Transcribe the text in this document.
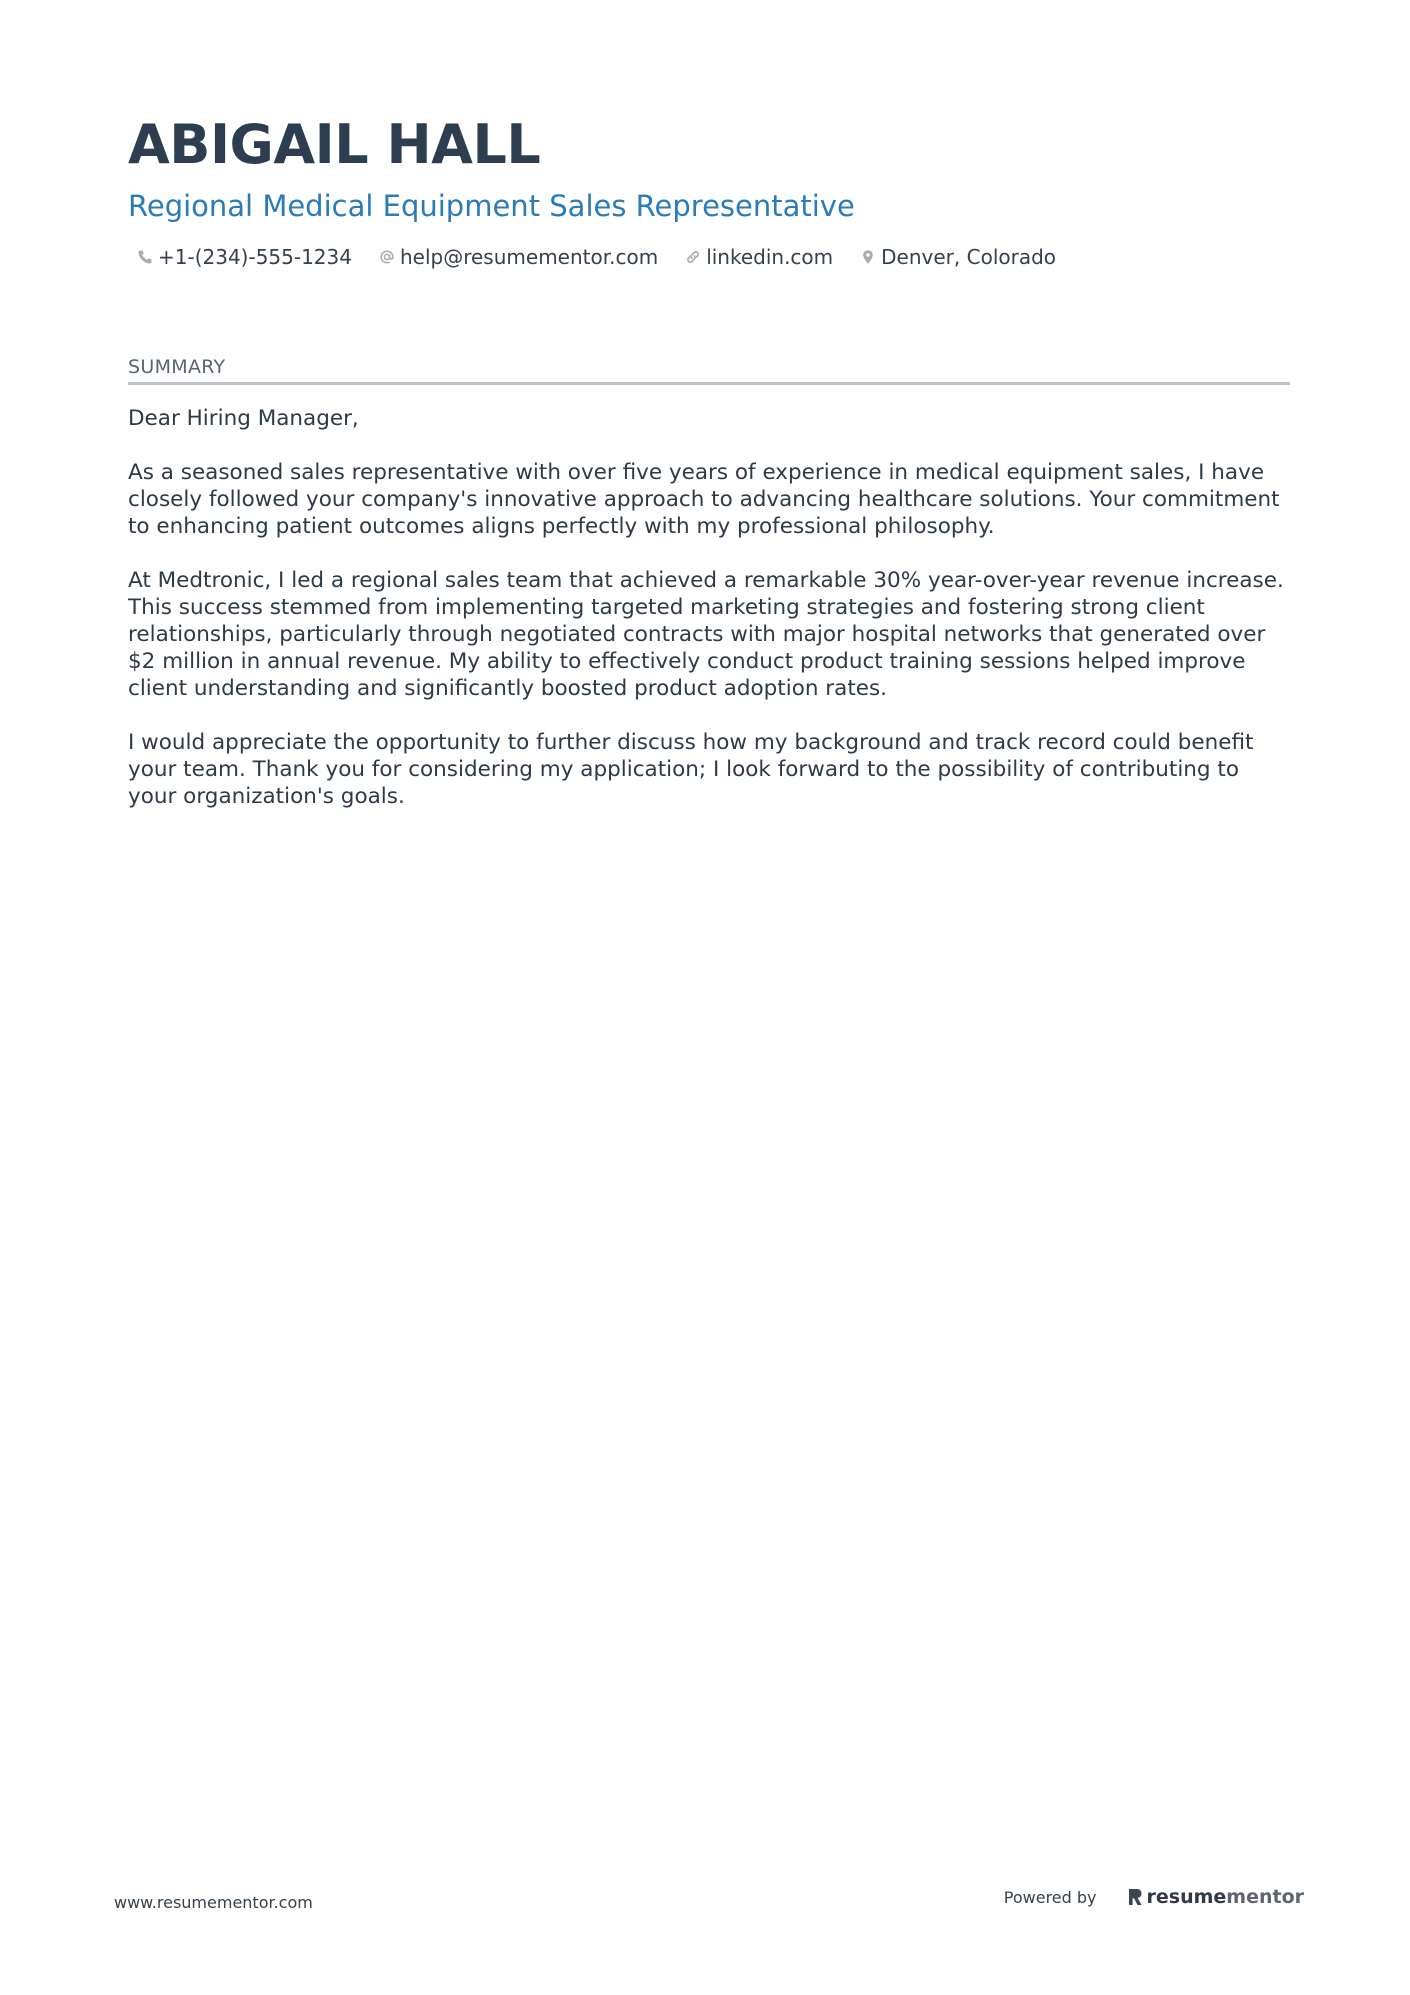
ABIGAIL HALL
Regional Medical Equipment Sales Representative
+1-(234)-555-1234 help@resumementor.com linkedin.com Denver, Colorado
SUMMARY

Dear Hiring Manager,

As a seasoned sales representative with over five years of experience in medical equipment sales, I have closely followed your company's innovative approach to advancing healthcare solutions. Your commitment to enhancing patient outcomes aligns perfectly with my professional philosophy.

At Medtronic, I led a regional sales team that achieved a remarkable 30% year-over-year revenue increase. This success stemmed from implementing targeted marketing strategies and fostering strong client relationships, particularly through negotiated contracts with major hospital networks that generated over $2 million in annual revenue. My ability to effectively conduct product training sessions helped improve client understanding and significantly boosted product adoption rates.

I would appreciate the opportunity to further discuss how my background and track record could benefit your team. Thank you for considering my application; I look forward to the possibility of contributing to your organization's goals.

www.resumementor.com	Powered by	resume mentor
